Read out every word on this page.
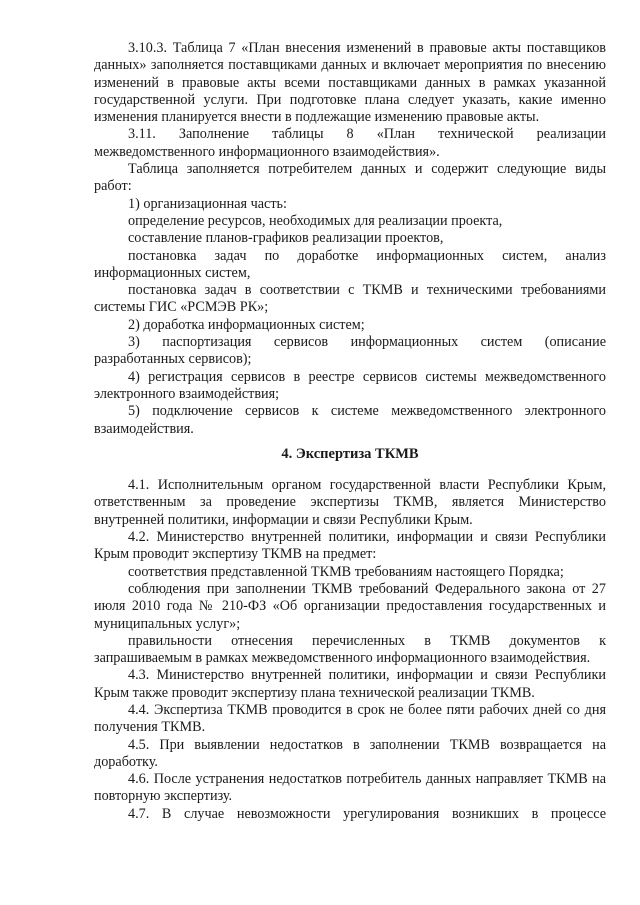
3.10.3. Таблица 7 «План внесения изменений в правовые акты поставщиков данных» заполняется поставщиками данных и включает мероприятия по внесению изменений в правовые акты всеми поставщиками данных в рамках указанной государственной услуги. При подготовке плана следует указать, какие именно изменения планируется внести в подлежащие изменению правовые акты.

3.11. Заполнение таблицы 8 «План технической реализации межведомственного информационного взаимодействия».

Таблица заполняется потребителем данных и содержит следующие виды работ:

1) организационная часть:

определение ресурсов, необходимых для реализации проекта,

составление планов-графиков реализации проектов,

постановка задач по доработке информационных систем, анализ информационных систем,

постановка задач в соответствии с ТКМВ и техническими требованиями системы ГИС «РСМЭВ РК»;

2) доработка информационных систем;

3) паспортизация сервисов информационных систем (описание разработанных сервисов);

4) регистрация сервисов в реестре сервисов системы межведомственного электронного взаимодействия;

5) подключение сервисов к системе межведомственного электронного взаимодействия.

4. Экспертиза ТКМВ

4.1. Исполнительным органом государственной власти Республики Крым, ответственным за проведение экспертизы ТКМВ, является Министерство внутренней политики, информации и связи Республики Крым.

4.2. Министерство внутренней политики, информации и связи Республики Крым проводит экспертизу ТКМВ на предмет:

соответствия представленной ТКМВ требованиям настоящего Порядка;

соблюдения при заполнении ТКМВ требований Федерального закона от 27 июля 2010 года № 210-ФЗ «Об организации предоставления государственных и муниципальных услуг»;

правильности отнесения перечисленных в ТКМВ документов к запрашиваемым в рамках межведомственного информационного взаимодействия.

4.3. Министерство внутренней политики, информации и связи Республики Крым также проводит экспертизу плана технической реализации ТКМВ.

4.4. Экспертиза ТКМВ проводится в срок не более пяти рабочих дней со дня получения ТКМВ.

4.5. При выявлении недостатков в заполнении ТКМВ возвращается на доработку.

4.6. После устранения недостатков потребитель данных направляет ТКМВ на повторную экспертизу.

4.7. В случае невозможности урегулирования возникших в процессе
